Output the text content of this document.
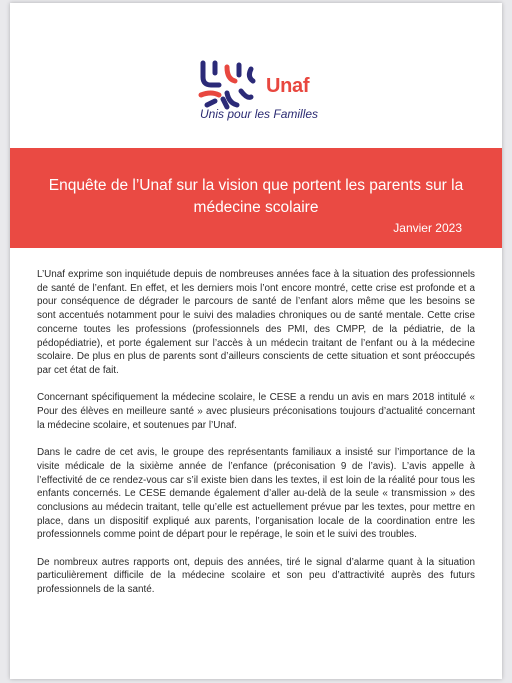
Unaf
Unis pour les Familles
Enquête de l’Unaf sur la vision que portent les parents sur la médecine scolaire
Janvier 2023

L’Unaf exprime son inquiétude depuis de nombreuses années face à la situation des professionnels de santé de l’enfant. En effet, et les derniers mois l’ont encore montré, cette crise est profonde et a pour conséquence de dégrader le parcours de santé de l’enfant alors même que les besoins se sont accentués notamment pour le suivi des maladies chroniques ou de santé mentale. Cette crise concerne toutes les professions (professionnels des PMI, des CMPP, de la pédiatrie, de la pédopédiatrie), et porte également sur l’accès à un médecin traitant de l’enfant ou à la médecine scolaire. De plus en plus de parents sont d’ailleurs conscients de cette situation et sont préoccupés par cet état de fait.

Concernant spécifiquement la médecine scolaire, le CESE a rendu un avis en mars 2018 intitulé « Pour des élèves en meilleure santé » avec plusieurs préconisations toujours d’actualité concernant la médecine scolaire, et soutenues par l’Unaf.

Dans le cadre de cet avis, le groupe des représentants familiaux a insisté sur l’importance de la visite médicale de la sixième année de l’enfance (préconisation 9 de l’avis). L’avis appelle à l’effectivité de ce rendez-vous car s’il existe bien dans les textes, il est loin de la réalité pour tous les enfants concernés. Le CESE demande également d’aller au-delà de la seule « transmission » des conclusions au médecin traitant, telle qu’elle est actuellement prévue par les textes, pour mettre en place, dans un dispositif expliqué aux parents, l’organisation locale de la coordination entre les professionnels comme point de départ pour le repérage, le soin et le suivi des troubles.

De nombreux autres rapports ont, depuis des années, tiré le signal d’alarme quant à la situation particulièrement difficile de la médecine scolaire et son peu d’attractivité auprès des futurs professionnels de la santé.
